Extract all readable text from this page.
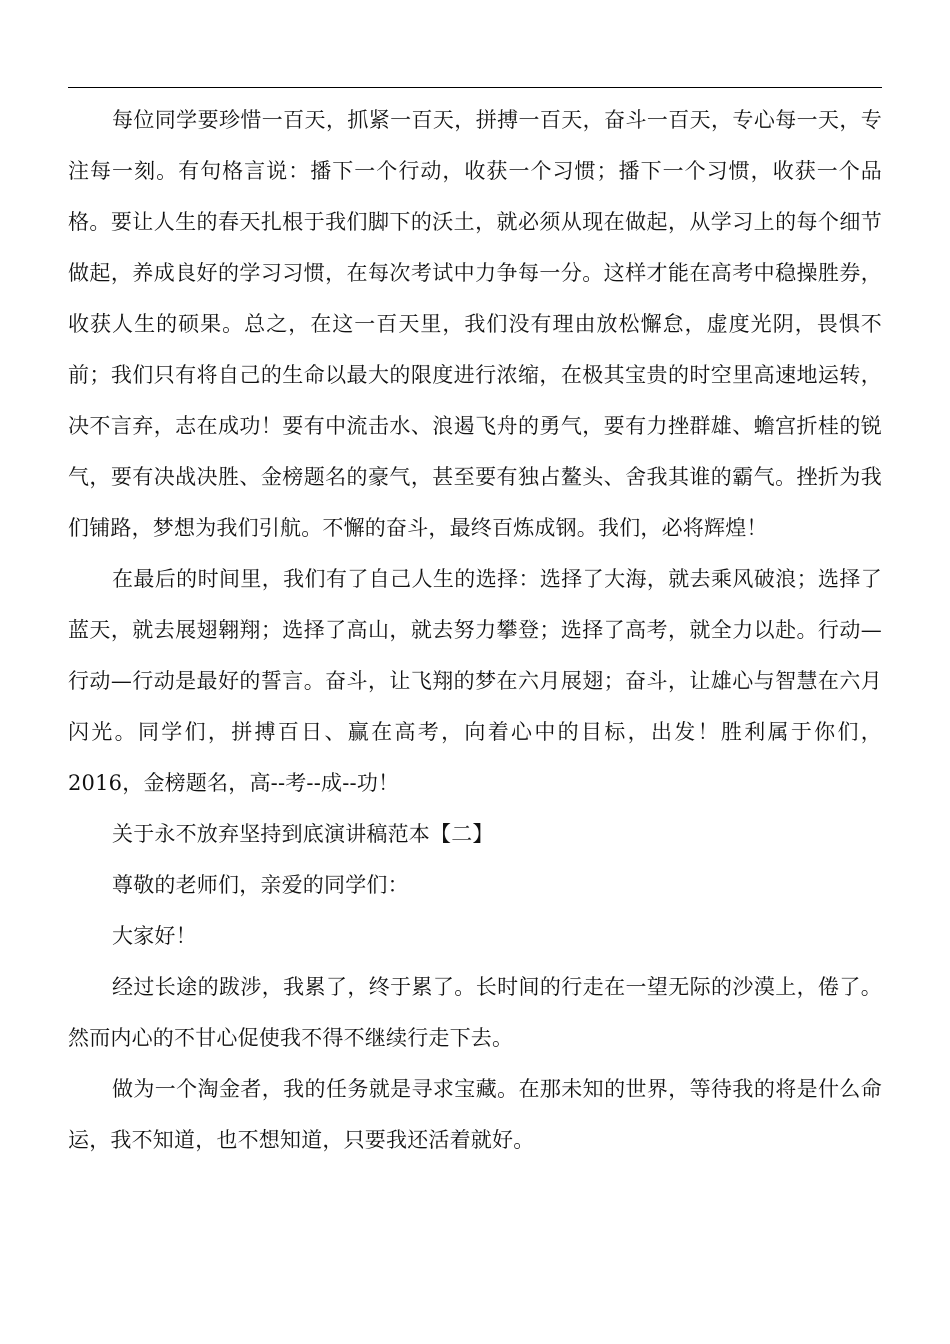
每位同学要珍惜一百天，抓紧一百天，拼搏一百天，奋斗一百天，专心每一天，专注每一刻。有句格言说：播下一个行动，收获一个习惯；播下一个习惯，收获一个品格。要让人生的春天扎根于我们脚下的沃土，就必须从现在做起，从学习上的每个细节做起，养成良好的学习习惯，在每次考试中力争每一分。这样才能在高考中稳操胜券，收获人生的硕果。总之，在这一百天里，我们没有理由放松懈怠，虚度光阴，畏惧不前；我们只有将自己的生命以最大的限度进行浓缩，在极其宝贵的时空里高速地运转，决不言弃，志在成功！要有中流击水、浪遏飞舟的勇气，要有力挫群雄、蟾宫折桂的锐气，要有决战决胜、金榜题名的豪气，甚至要有独占鳌头、舍我其谁的霸气。挫折为我们铺路，梦想为我们引航。不懈的奋斗，最终百炼成钢。我们，必将辉煌！

在最后的时间里，我们有了自己人生的选择：选择了大海，就去乘风破浪；选择了蓝天，就去展翅翱翔；选择了高山，就去努力攀登；选择了高考，就全力以赴。行动—行动—行动是最好的誓言。奋斗，让飞翔的梦在六月展翅；奋斗，让雄心与智慧在六月闪光。同学们，拼搏百日、赢在高考，向着心中的目标，出发！胜利属于你们，2016，金榜题名，高--考--成--功！

关于永不放弃坚持到底演讲稿范本【二】

尊敬的老师们，亲爱的同学们：

大家好！

经过长途的跋涉，我累了，终于累了。长时间的行走在一望无际的沙漠上，倦了。然而内心的不甘心促使我不得不继续行走下去。

做为一个淘金者，我的任务就是寻求宝藏。在那未知的世界，等待我的将是什么命运，我不知道，也不想知道，只要我还活着就好。
